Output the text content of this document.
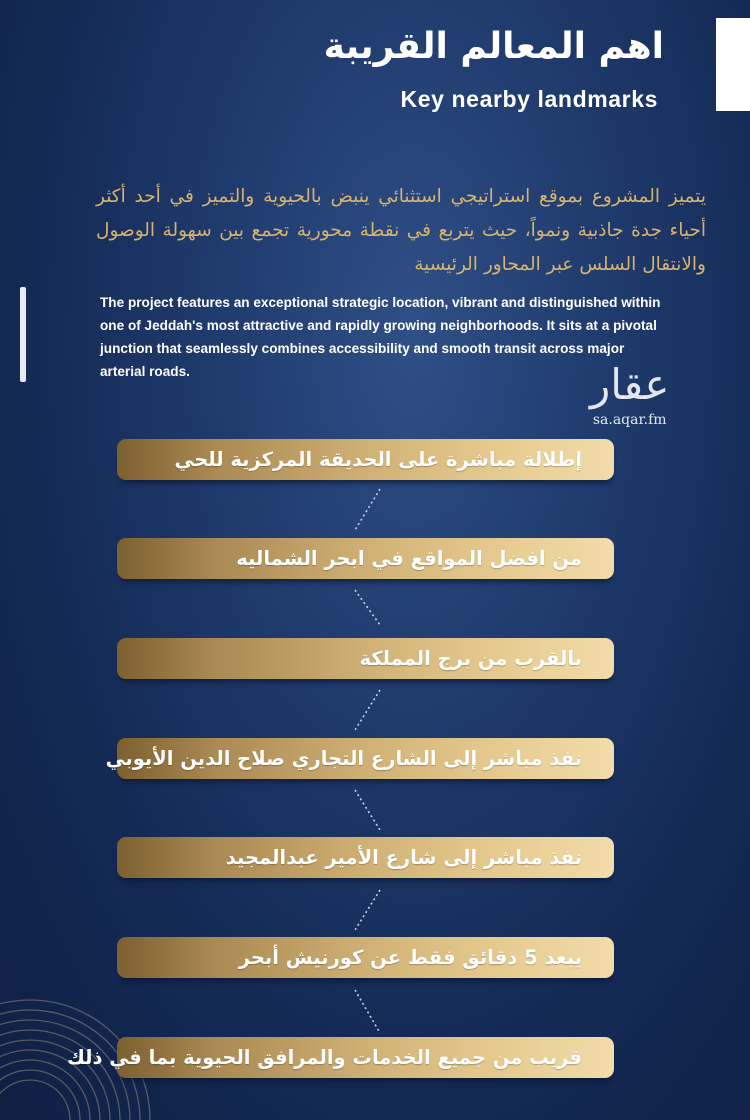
اهم المعالم القريبة
Key nearby landmarks
يتميز المشروع بموقع استراتيجي استثنائي ينبض بالحيوية والتميز في أحد أكثر أحياء جدة جاذبية ونمواً، حيث يتربع في نقطة محورية تجمع بين سهولة الوصول والانتقال السلس عبر المحاور الرئيسية
The project features an exceptional strategic location, vibrant and distinguished within one of Jeddah's most attractive and rapidly growing neighborhoods. It sits at a pivotal junction that seamlessly combines accessibility and smooth transit across major arterial roads.	عقار
sa.aqar.fm
إطلالة مباشرة على الحديقة المركزية للحي
من افضل المواقع في ابحر الشماليه
بالقرب من برج المملكة
نفذ مباشر إلى الشارع التجاري صلاح الدين الأيوبي
نفذ مباشر إلى شارع الأمير عبدالمجيد
يبعد 5 دقائق فقط عن كورنيش أبحر
قريب من جميع الخدمات والمرافق الحيوية بما في ذلك
